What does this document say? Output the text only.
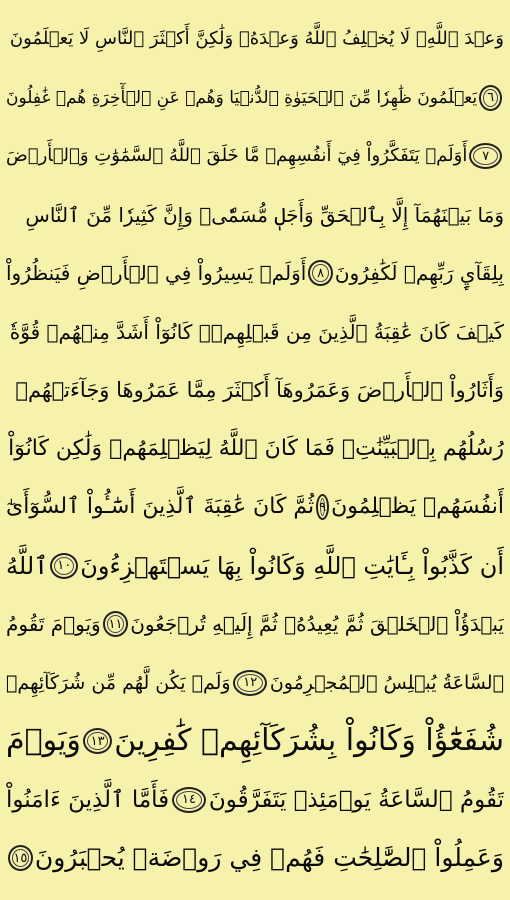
وَعۡدَ ٱللَّهِۖ لَا يُخۡلِفُ ٱللَّهُ وَعۡدَهُۥ وَلَٰكِنَّ أَكۡثَرَ ٱلنَّاسِ لَا يَعۡلَمُونَ
٦
يَعۡلَمُونَ ظَٰهِرٗا مِّنَ ٱلۡحَيَوٰةِ ٱلدُّنۡيَا وَهُمۡ عَنِ ٱلۡأٓخِرَةِ هُمۡ غَٰفِلُونَ
٧
أَوَلَمۡ يَتَفَكَّرُواْ فِيٓ أَنفُسِهِمۗ مَّا خَلَقَ ٱللَّهُ ٱلسَّمَٰوَٰتِ وَٱلۡأَرۡضَ
وَمَا بَيۡنَهُمَآ إِلَّا بِٱلۡحَقِّ وَأَجَلٖ مُّسَمّٗىۗ وَإِنَّ كَثِيرٗا مِّنَ ٱلنَّاسِ
بِلِقَآيِٕ رَبِّهِمۡ لَكَٰفِرُونَ
٨
أَوَلَمۡ يَسِيرُواْ فِي ٱلۡأَرۡضِ فَيَنظُرُواْ
كَيۡفَ كَانَ عَٰقِبَةُ ٱلَّذِينَ مِن قَبۡلِهِمۡۚ كَانُوٓاْ أَشَدَّ مِنۡهُمۡ قُوَّةٗ
وَأَثَارُواْ ٱلۡأَرۡضَ وَعَمَرُوهَآ أَكۡثَرَ مِمَّا عَمَرُوهَا وَجَآءَتۡهُمۡ
رُسُلُهُم بِٱلۡبَيِّنَٰتِۖ فَمَا كَانَ ٱللَّهُ لِيَظۡلِمَهُمۡ وَلَٰكِن كَانُوٓاْ
أَنفُسَهُمۡ يَظۡلِمُونَ
٩
ثُمَّ كَانَ عَٰقِبَةَ ٱلَّذِينَ أَسَٰٓـُٔواْ ٱلسُّوٓأَىٰٓ
أَن كَذَّبُواْ بِـَٔايَٰتِ ٱللَّهِ وَكَانُواْ بِهَا يَسۡتَهۡزِءُونَ
١٠
ٱللَّهُ
يَبۡدَؤُاْ ٱلۡخَلۡقَ ثُمَّ يُعِيدُهُۥ ثُمَّ إِلَيۡهِ تُرۡجَعُونَ
١١
وَيَوۡمَ تَقُومُ
ٱلسَّاعَةُ يُبۡلِسُ ٱلۡمُجۡرِمُونَ
١٢
وَلَمۡ يَكُن لَّهُم مِّن شُرَكَآئِهِمۡ
شُفَعَٰٓؤُاْ وَكَانُواْ بِشُرَكَآئِهِمۡ كَٰفِرِينَ
١٣
وَيَوۡمَ
تَقُومُ ٱلسَّاعَةُ يَوۡمَئِذٖ يَتَفَرَّقُونَ
١٤
فَأَمَّا ٱلَّذِينَ ءَامَنُواْ
وَعَمِلُواْ ٱلصَّٰلِحَٰتِ فَهُمۡ فِي رَوۡضَةٖ يُحۡبَرُونَ
١٥
